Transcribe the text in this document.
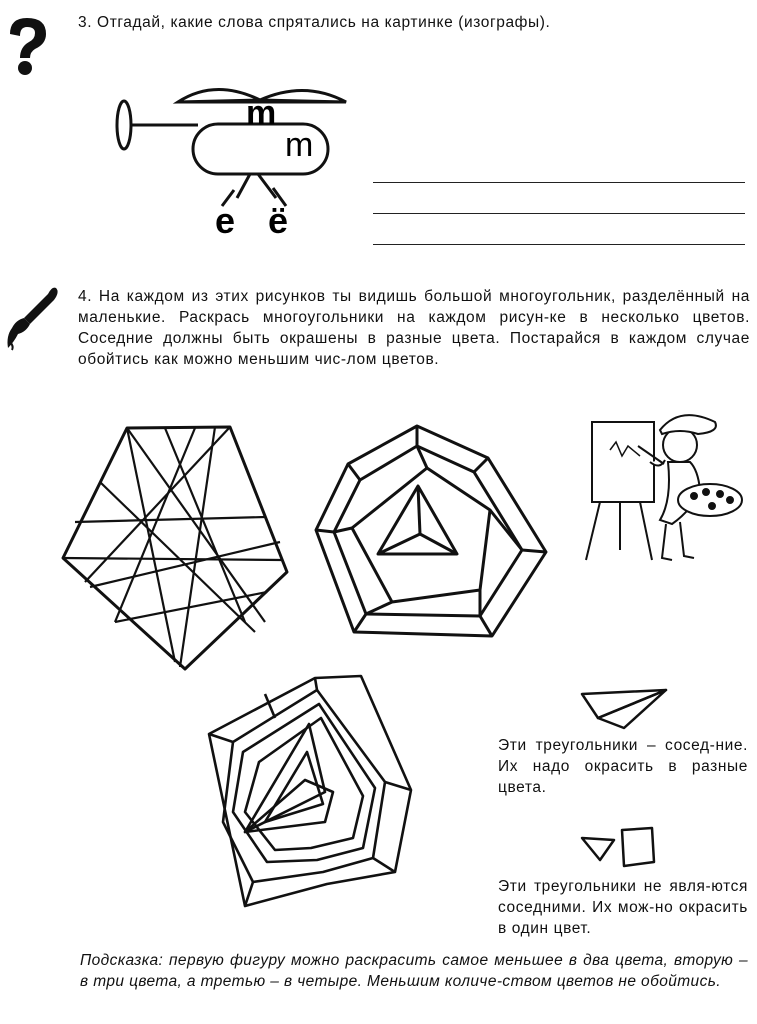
3. Отгадай, какие слова спрятались на картинке (изографы).
m
m
e ё
4. На каждом из этих рисунков ты видишь большой многоугольник, разделённый на маленькие. Раскрась многоугольники на каждом рисун-ке в несколько цветов. Соседние должны быть окрашены в разные цвета. Постарайся в каждом случае обойтись как можно меньшим чис-лом цветов.
Эти треугольники – сосед-ние. Их надо окрасить в разные цвета.
Эти треугольники не явля-ются соседними. Их мож-но окрасить в один цвет.
Подсказка: первую фигуру можно раскрасить самое меньшее в два цвета, вторую – в три цвета, а третью – в четыре. Меньшим количе-ством цветов не обойтись.
